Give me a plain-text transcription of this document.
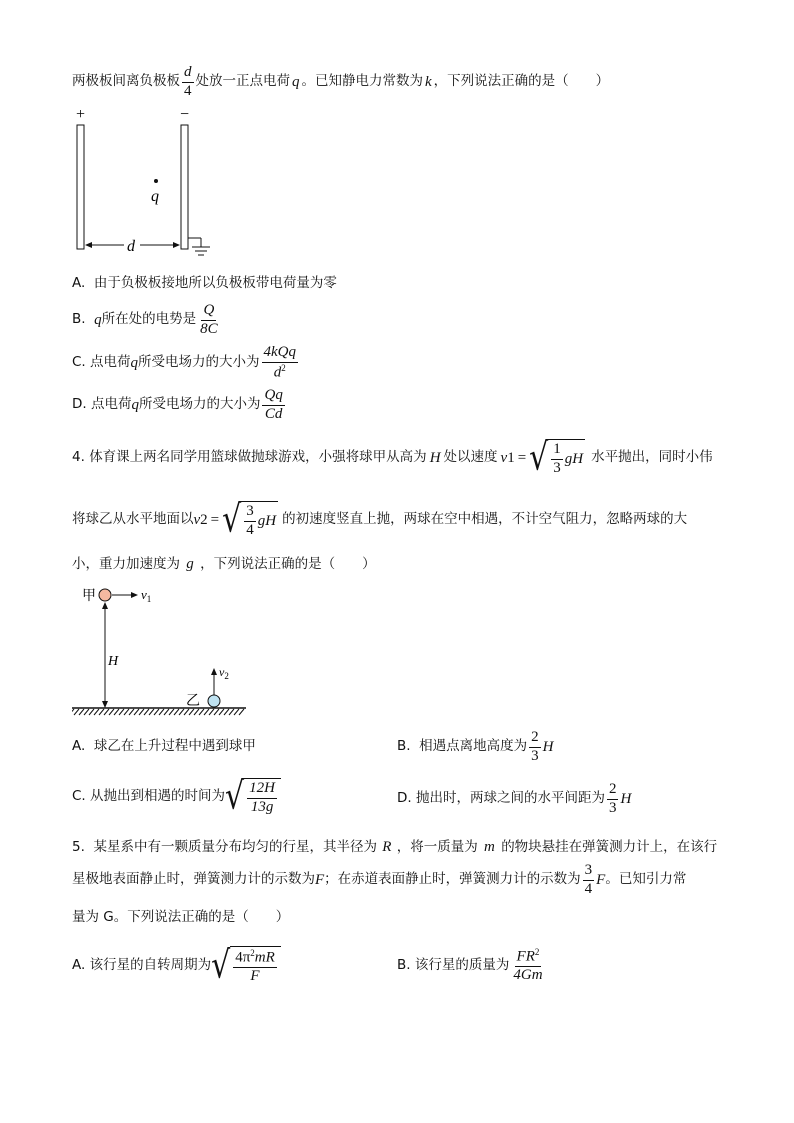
两极板间离负极板 $\frac{d}{4}$ 处放一正点电荷 q 。已知静电力常数为 k ，下列说法正确的是（　　）
+	−
q
d
A. 由于负极板接地所以负极板带电荷量为零
B.
q 所在处的电势是 $\frac{Q}{8C}$
C.
点电荷 q 所受电场力的大小为 $\frac{\text{4kQq}}{d^2}$
D.
点电荷 q 所受电场力的大小为 $\frac{Qq}{Cd}$
4.
体育课上两名同学用篮球做抛球游戏，小强将球甲从高为 H 处以速度 v 1 = √ $\frac{1}{3}$ gH 水平抛出，同时小伟
将球乙从水平地面以 v 2 = √ $\frac{3}{4}$ gH 的初速度竖直上抛，两球在空中相遇，不计空气阻力，忽略两球的大
小，重力加速度为 g ，下列说法正确的是（　　）
甲	$v_1$
H
$v_2$
乙
A. 球乙在上升过程中遇到球甲	B.
相遇点离地高度为 $\frac{2}{3}$ H
C.
从抛出到相遇的时间为 √ $\frac{12H}{13g}$	D.
抛出时，两球之间的水平间距为 $\frac{2}{3}$ H
5. 某星系中有一颗质量分布均匀的行星，其半径为 R ，将一质量为 m 的物块悬挂在弹簧测力计上，在该行
星极地表面静止时，弹簧测力计的示数为 F ；在赤道表面静止时，弹簧测力计的示数为 $\frac{3}{4}$ F 。已知引力常
量为 G。下列说法正确的是（　　）
A.
该行星的自转周期为 √ $\frac{4\pi^2mR}{F}$	B.
该行星的质量为 $\frac{FR^2}{4Gm}$
